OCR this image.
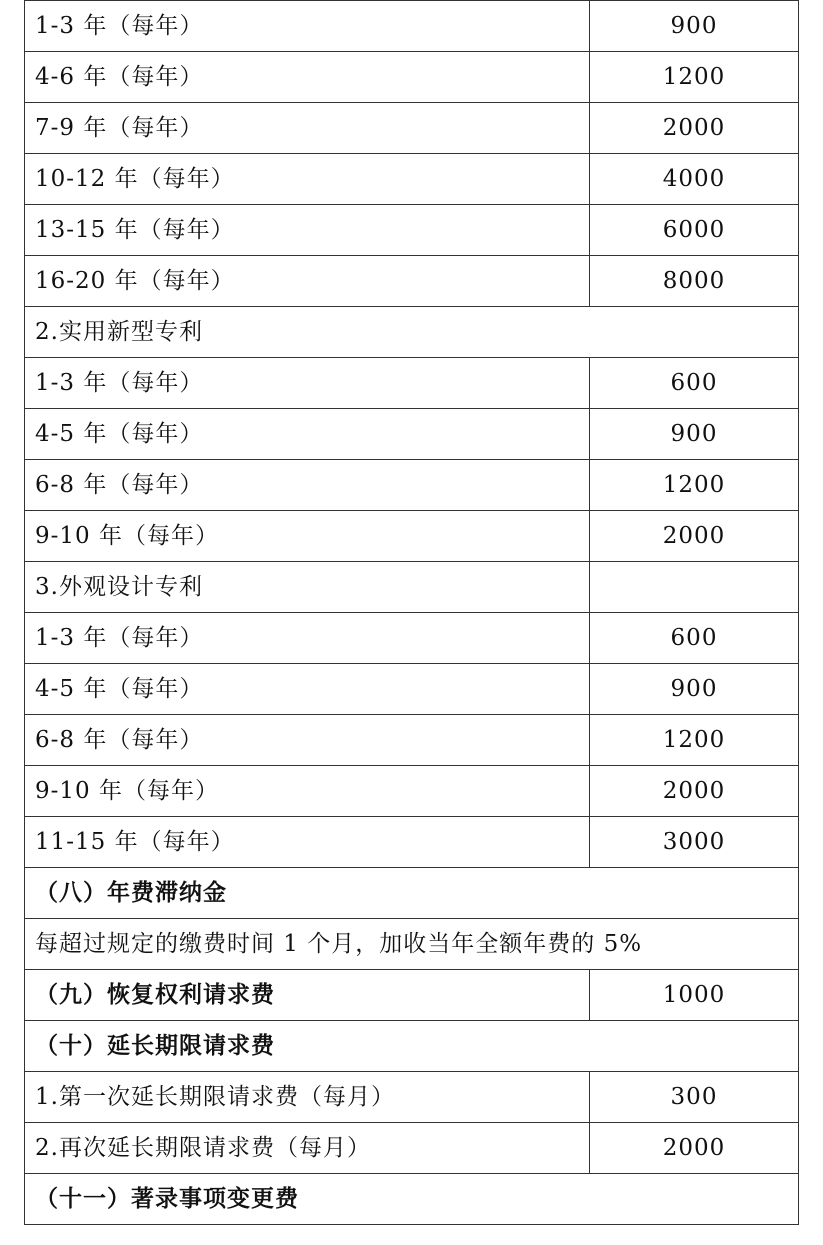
1-3 年（每年）	900
4-6 年（每年）	1200
7-9 年（每年）	2000
10-12 年（每年）	4000
13-15 年（每年）	6000
16-20 年（每年）	8000
2.实用新型专利	
1-3 年（每年）	600
4-5 年（每年）	900
6-8 年（每年）	1200
9-10 年（每年）	2000
3.外观设计专利	
1-3 年（每年）	600
4-5 年（每年）	900
6-8 年（每年）	1200
9-10 年（每年）	2000
11-15 年（每年）	3000
（八）年费滞纳金	
每超过规定的缴费时间 1 个月，加收当年全额年费的 5%	
（九）恢复权利请求费	1000
（十）延长期限请求费	
1.第一次延长期限请求费（每月）	300
2.再次延长期限请求费（每月）	2000
（十一）著录事项变更费	
